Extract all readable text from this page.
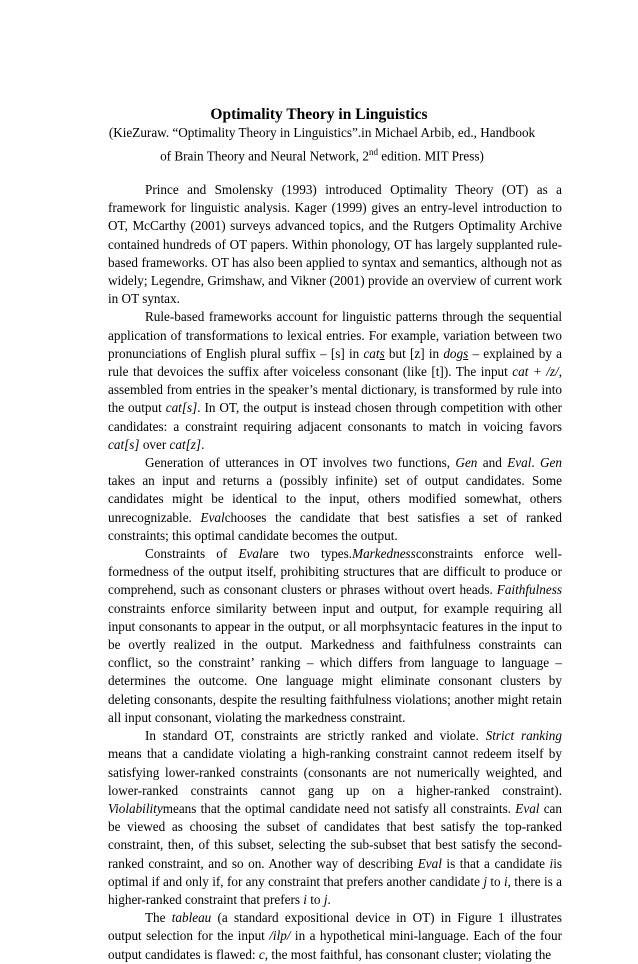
Optimality Theory in Linguistics
(KieZuraw. “Optimality Theory in Linguistics”.in Michael Arbib, ed., Handbook of Brain Theory and Neural Network, 2nd edition. MIT Press)

Prince and Smolensky (1993) introduced Optimality Theory (OT) as a framework for linguistic analysis. Kager (1999) gives an entry-level introduction to OT, McCarthy (2001) surveys advanced topics, and the Rutgers Optimality Archive contained hundreds of OT papers. Within phonology, OT has largely supplanted rule-based frameworks. OT has also been applied to syntax and semantics, although not as widely; Legendre, Grimshaw, and Vikner (2001) provide an overview of current work in OT syntax.

Rule-based frameworks account for linguistic patterns through the sequential application of transformations to lexical entries. For example, variation between two pronunciations of English plural suffix – [s] in cats but [z] in dogs – explained by a rule that devoices the suffix after voiceless consonant (like [t]). The input cat + /z/, assembled from entries in the speaker’s mental dictionary, is transformed by rule into the output cat[s]. In OT, the output is instead chosen through competition with other candidates: a constraint requiring adjacent consonants to match in voicing favors cat[s] over cat[z].

Generation of utterances in OT involves two functions, Gen and Eval. Gen takes an input and returns a (possibly infinite) set of output candidates. Some candidates might be identical to the input, others modified somewhat, others unrecognizable. Evalchooses the candidate that best satisfies a set of ranked constraints; this optimal candidate becomes the output.

Constraints of Evalare two types.Markednessconstraints enforce well-formedness of the output itself, prohibiting structures that are difficult to produce or comprehend, such as consonant clusters or phrases without overt heads. Faithfulness constraints enforce similarity between input and output, for example requiring all input consonants to appear in the output, or all morphsyntacic features in the input to be overtly realized in the output. Markedness and faithfulness constraints can conflict, so the constraint’ ranking – which differs from language to language – determines the outcome. One language might eliminate consonant clusters by deleting consonants, despite the resulting faithfulness violations; another might retain all input consonant, violating the markedness constraint.

In standard OT, constraints are strictly ranked and violate. Strict ranking means that a candidate violating a high-ranking constraint cannot redeem itself by satisfying lower-ranked constraints (consonants are not numerically weighted, and lower-ranked constraints cannot gang up on a higher-ranked constraint). Violabilitymeans that the optimal candidate need not satisfy all constraints. Eval can be viewed as choosing the subset of candidates that best satisfy the top-ranked constraint, then, of this subset, selecting the sub-subset that best satisfy the second-ranked constraint, and so on. Another way of describing Eval is that a candidate iis optimal if and only if, for any constraint that prefers another candidate j to i, there is a higher-ranked constraint that prefers i to j.

The tableau (a standard expositional device in OT) in Figure 1 illustrates output selection for the input /ilp/ in a hypothetical mini-language. Each of the four output candidates is flawed: c, the most faithful, has consonant cluster; violating the
